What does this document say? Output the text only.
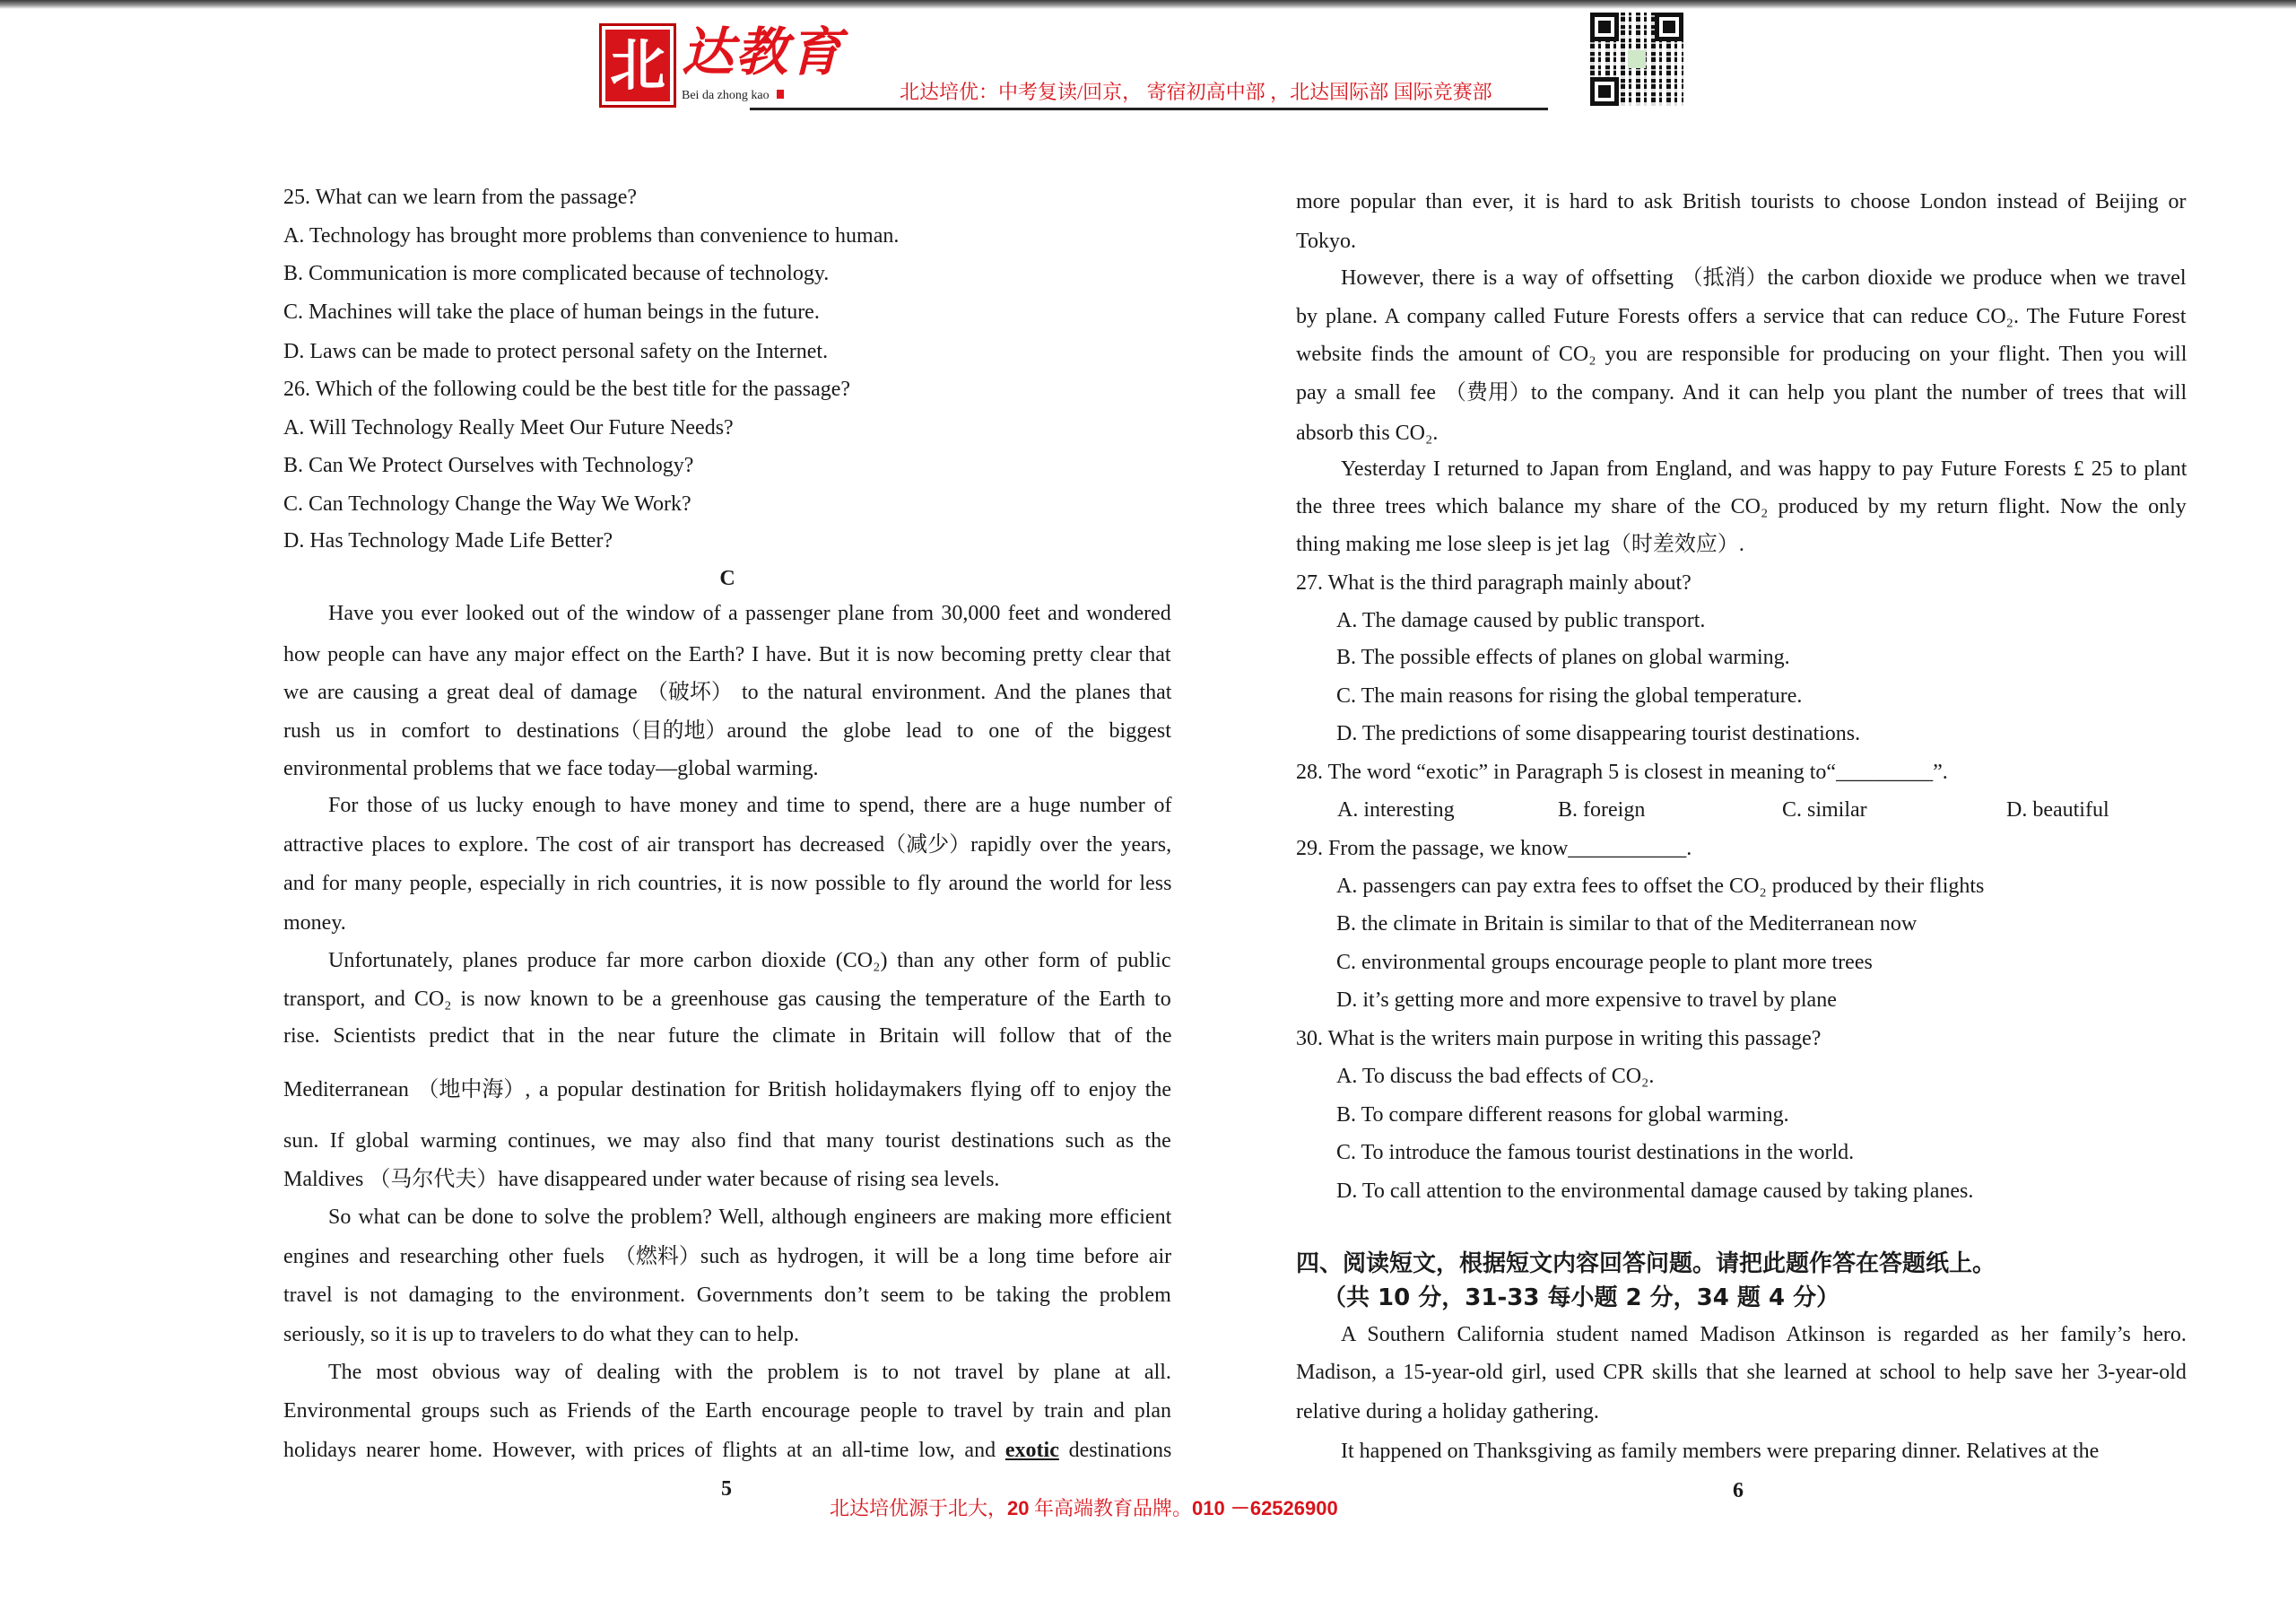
北 达教育
Bei da zhong kao	北达培优：中考复读/回京， 寄宿初高中部 ，北达国际部 国际竞赛部
25. What can we learn from the passage?
A. Technology has brought more problems than convenience to human.
B. Communication is more complicated because of technology.
C. Machines will take the place of human beings in the future.
D. Laws can be made to protect personal safety on the Internet.
26. Which of the following could be the best title for the passage?
A. Will Technology Really Meet Our Future Needs?
B. Can We Protect Ourselves with Technology?
C. Can Technology Change the Way We Work?
D. Has Technology Made Life Better?
C
Have you ever looked out of the window of a passenger plane from 30,000 feet and wondered
how people can have any major effect on the Earth? I have. But it is now becoming pretty clear that
we are causing a great deal of damage （破坏） to the natural environment. And the planes that
rush us in comfort to destinations（目的地）around the globe lead to one of the biggest
environmental problems that we face today—global warming.
For those of us lucky enough to have money and time to spend, there are a huge number of
attractive places to explore. The cost of air transport has decreased（减少）rapidly over the years,
and for many people, especially in rich countries, it is now possible to fly around the world for less
money.
Unfortunately, planes produce far more carbon dioxide (CO₂) than any other form of public
transport, and CO₂ is now known to be a greenhouse gas causing the temperature of the Earth to
rise. Scientists predict that in the near future the climate in Britain will follow that of the
Mediterranean （地中海）, a popular destination for British holidaymakers flying off to enjoy the
sun. If global warming continues, we may also find that many tourist destinations such as the
Maldives （马尔代夫）have disappeared under water because of rising sea levels.
So what can be done to solve the problem? Well, although engineers are making more efficient
engines and researching other fuels （燃料）such as hydrogen, it will be a long time before air
travel is not damaging to the environment. Governments don’t seem to be taking the problem
seriously, so it is up to travelers to do what they can to help.
The most obvious way of dealing with the problem is to not travel by plane at all.
Environmental groups such as Friends of the Earth encourage people to travel by train and plan
holidays nearer home. However, with prices of flights at an all-time low, and exotic destinations
more popular than ever, it is hard to ask British tourists to choose London instead of Beijing or
Tokyo.
However, there is a way of offsetting （抵消）the carbon dioxide we produce when we travel
by plane. A company called Future Forests offers a service that can reduce CO₂. The Future Forest
website finds the amount of CO₂ you are responsible for producing on your flight. Then you will
pay a small fee （费用）to the company. And it can help you plant the number of trees that will
absorb this CO₂.
Yesterday I returned to Japan from England, and was happy to pay Future Forests £ 25 to plant
the three trees which balance my share of the CO₂ produced by my return flight. Now the only
thing making me lose sleep is jet lag（时差效应）.
27. What is the third paragraph mainly about?
A. The damage caused by public transport.
B. The possible effects of planes on global warming.
C. The main reasons for rising the global temperature.
D. The predictions of some disappearing tourist destinations.
28. The word “exotic” in Paragraph 5 is closest in meaning to“_________”.
29. From the passage, we know___________.
A. passengers can pay extra fees to offset the CO₂ produced by their flights
B. the climate in Britain is similar to that of the Mediterranean now
C. environmental groups encourage people to plant more trees
D. it’s getting more and more expensive to travel by plane
30. What is the writers main purpose in writing this passage?
A. To discuss the bad effects of CO₂.
B. To compare different reasons for global warming.
C. To introduce the famous tourist destinations in the world.
D. To call attention to the environmental damage caused by taking planes.
四、阅读短文，根据短文内容回答问题。请把此题作答在答题纸上。
（共 10 分，31-33 每小题 2 分，34 题 4 分）
A Southern California student named Madison Atkinson is regarded as her family’s hero.
Madison, a 15-year-old girl, used CPR skills that she learned at school to help save her 3-year-old
relative during a holiday gathering.
It happened on Thanksgiving as family members were preparing dinner. Relatives at the
A. interesting	B. foreign	C. similar	D. beautiful
5	6
北达培优源于北大，20 年高端教育品牌。010 －62526900
